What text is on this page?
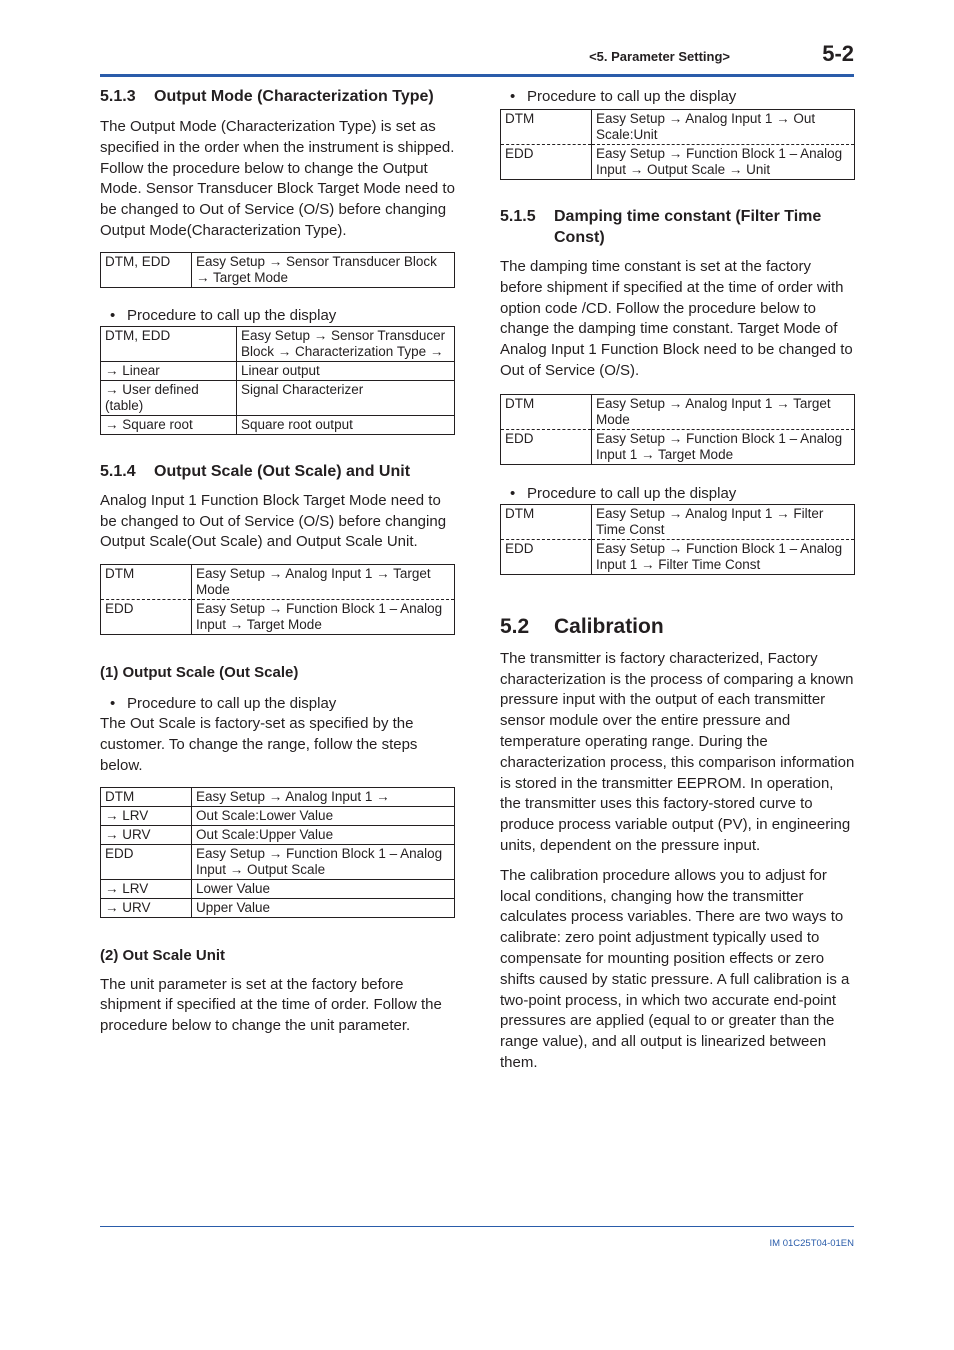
<5. Parameter Setting>	5-2
5.1.3	Output Mode (Characterization Type)

The Output Mode (Characterization Type) is set as specified in the order when the instrument is shipped. Follow the procedure below to change the Output Mode. Sensor Transducer Block Target Mode need to be changed to Out of Service (O/S) before changing Output Mode(Characterization Type).

DTM, EDD	Easy Setup → Sensor Transducer Block → Target Mode
• Procedure to call up the display
DTM, EDD	Easy Setup → Sensor Transducer Block → Characterization Type →
→ Linear	Linear output
→ User defined (table)	Signal Characterizer
→ Square root	Square root output
5.1.4	Output Scale (Out Scale) and Unit

Analog Input 1 Function Block Target Mode need to be changed to Out of Service (O/S) before changing Output Scale(Out Scale) and Output Scale Unit.

DTM	Easy Setup → Analog Input 1 → Target Mode
EDD	Easy Setup → Function Block 1 – Analog Input → Target Mode
(1) Output Scale (Out Scale)
• Procedure to call up the display

The Out Scale is factory-set as specified by the customer. To change the range, follow the steps below.

DTM	Easy Setup → Analog Input 1 →
→ LRV	Out Scale:Lower Value
→ URV	Out Scale:Upper Value
EDD	Easy Setup → Function Block 1 – Analog Input → Output Scale
→ LRV	Lower Value
→ URV	Upper Value
(2) Out Scale Unit

The unit parameter is set at the factory before shipment if specified at the time of order. Follow the procedure below to change the unit parameter.

• Procedure to call up the display
DTM	Easy Setup → Analog Input 1 → Out Scale:Unit
EDD	Easy Setup → Function Block 1 – Analog Input → Output Scale → Unit
5.1.5	Damping time constant (Filter Time Const)

The damping time constant is set at the factory before shipment if specified at the time of order with option code /CD. Follow the procedure below to change the damping time constant. Target Mode of Analog Input 1 Function Block need to be changed to Out of Service (O/S).

DTM	Easy Setup → Analog Input 1 → Target Mode
EDD	Easy Setup → Function Block 1 – Analog Input 1 → Target Mode
• Procedure to call up the display
DTM	Easy Setup → Analog Input 1 → Filter Time Const
EDD	Easy Setup → Function Block 1 – Analog Input 1 → Filter Time Const
5.2	Calibration

The transmitter is factory characterized, Factory characterization is the process of comparing a known pressure input with the output of each transmitter sensor module over the entire pressure and temperature operating range. During the characterization process, this comparison information is stored in the transmitter EEPROM. In operation, the transmitter uses this factory-stored curve to produce process variable output (PV), in engineering units, dependent on the pressure input.

The calibration procedure allows you to adjust for local conditions, changing how the transmitter calculates process variables. There are two ways to calibrate: zero point adjustment typically used to compensate for mounting position effects or zero shifts caused by static pressure. A full calibration is a two-point process, in which two accurate end-point pressures are applied (equal to or greater than the range value), and all output is linearized between them.

IM 01C25T04-01EN
